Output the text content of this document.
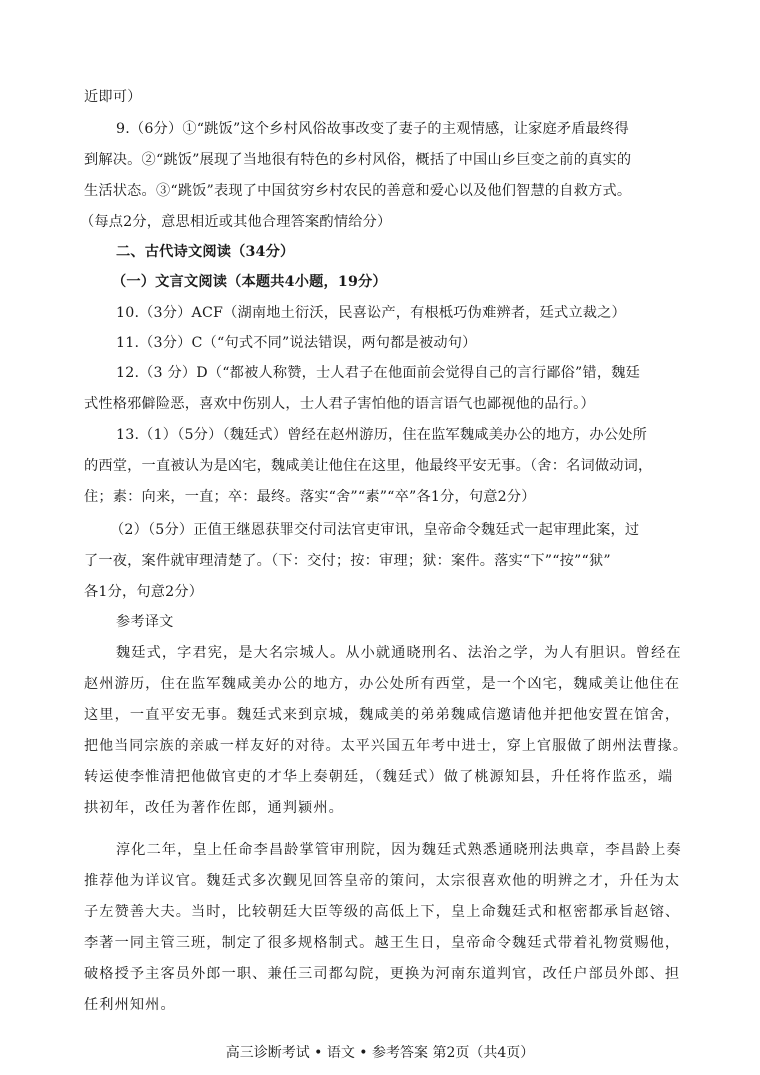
近即可）
9.（6分）①“跳饭”这个乡村风俗故事改变了妻子的主观情感，让家庭矛盾最终得
到解决。②“跳饭”展现了当地很有特色的乡村风俗，概括了中国山乡巨变之前的真实的
生活状态。③“跳饭”表现了中国贫穷乡村农民的善意和爱心以及他们智慧的自救方式。
（每点2分，意思相近或其他合理答案酌情给分）
二、古代诗文阅读（34分）
（一）文言文阅读（本题共4小题，19分）
10.（3分）ACF（湖南地土衍沃，民喜讼产，有根柢巧伪难辨者，廷式立裁之）
11.（3分）C（“句式不同”说法错误，两句都是被动句）
12.（3 分）D（“都被人称赞，士人君子在他面前会觉得自己的言行鄙俗”错，魏廷
式性格邪僻险恶，喜欢中伤别人，士人君子害怕他的语言语气也鄙视他的品行。）
13.（1）（5分）（魏廷式）曾经在赵州游历，住在监军魏咸美办公的地方，办公处所
的西堂，一直被认为是凶宅，魏咸美让他住在这里，他最终平安无事。（舍：名词做动词，
住；素：向来，一直；卒：最终。落实“舍”“素”“卒”各1分，句意2分）
（2）（5分）正值王继恩获罪交付司法官吏审讯，皇帝命令魏廷式一起审理此案，过
了一夜，案件就审理清楚了。（下：交付；按：审理；狱：案件。落实“下”“按”“狱”
各1分，句意2分）
参考译文
魏廷式，字君宪，是大名宗城人。从小就通晓刑名、法治之学，为人有胆识。曾经在
赵州游历，住在监军魏咸美办公的地方，办公处所有西堂，是一个凶宅，魏咸美让他住在
这里，一直平安无事。魏廷式来到京城，魏咸美的弟弟魏咸信邀请他并把他安置在馆舍，
把他当同宗族的亲戚一样友好的对待。太平兴国五年考中进士，穿上官服做了朗州法曹掾。
转运使李惟清把他做官吏的才华上奏朝廷，（魏廷式）做了桃源知县，升任将作监丞，端
拱初年，改任为著作佐郎，通判颍州。
淳化二年，皇上任命李昌龄掌管审刑院，因为魏廷式熟悉通晓刑法典章，李昌龄上奏
推荐他为详议官。魏廷式多次觐见回答皇帝的策问，太宗很喜欢他的明辨之才，升任为太
子左赞善大夫。当时，比较朝廷大臣等级的高低上下，皇上命魏廷式和枢密都承旨赵镕、
李著一同主管三班，制定了很多规格制式。越王生日，皇帝命令魏廷式带着礼物赏赐他，
破格授予主客员外郎一职、兼任三司都勾院，更换为河南东道判官，改任户部员外郎、担
任利州知州。
高三诊断考试 • 语文 • 参考答案 第2页（共4页）
